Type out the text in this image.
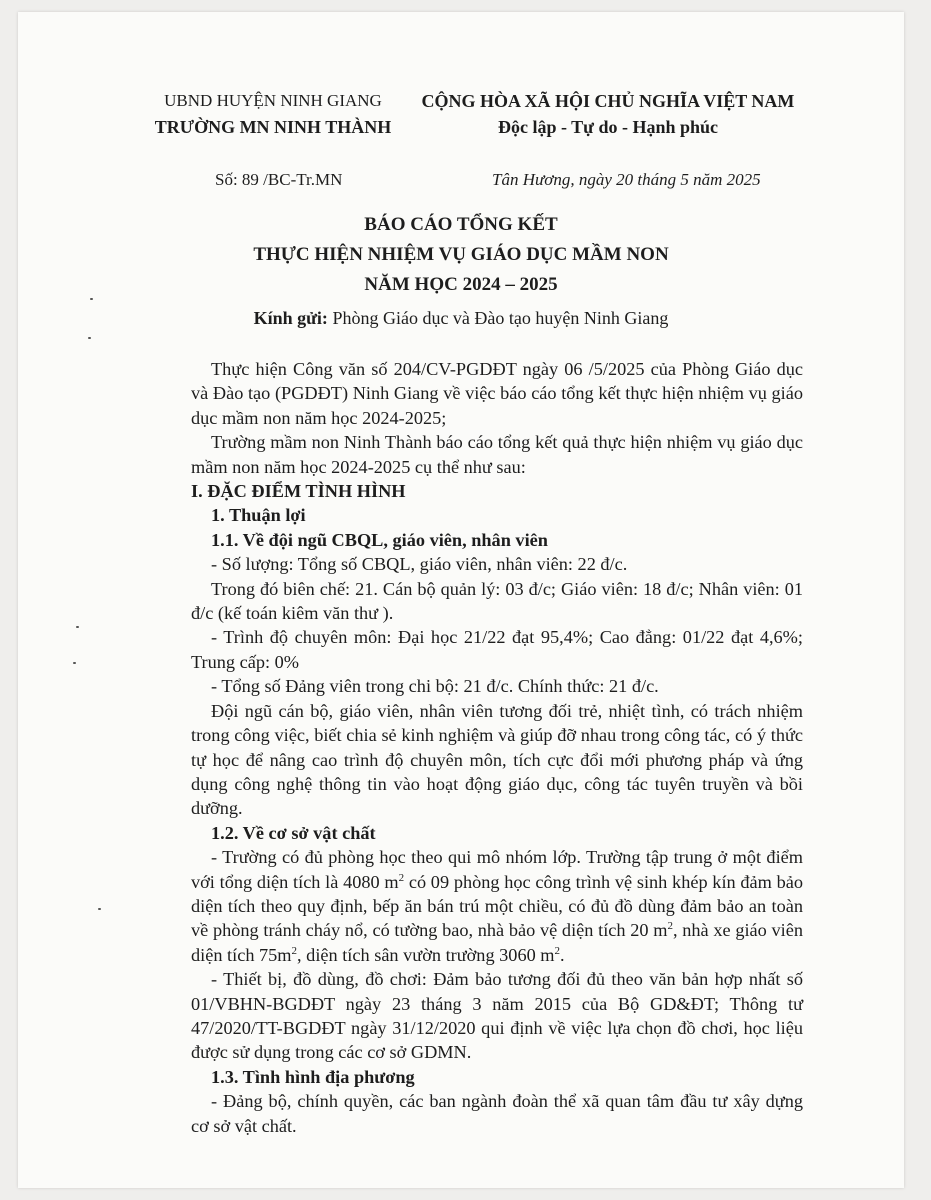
UBND HUYỆN NINH GIANG
TRƯỜNG MN NINH THÀNH
CỘNG HÒA XÃ HỘI CHỦ NGHĨA VIỆT NAM
Độc lập - Tự do - Hạnh phúc
Số: 89 /BC-Tr.MN	Tân Hương, ngày 20 tháng 5 năm 2025
BÁO CÁO TỔNG KẾT
THỰC HIỆN NHIỆM VỤ GIÁO DỤC MẦM NON
NĂM HỌC 2024 – 2025
Kính gửi: Phòng Giáo dục và Đào tạo huyện Ninh Giang

Thực hiện Công văn số 204/CV-PGDĐT ngày 06 /5/2025 của Phòng Giáo dục và Đào tạo (PGDĐT) Ninh Giang về việc báo cáo tổng kết thực hiện nhiệm vụ giáo dục mầm non năm học 2024-2025;

Trường mầm non Ninh Thành báo cáo tổng kết quả thực hiện nhiệm vụ giáo dục mầm non năm học 2024-2025 cụ thể như sau:

I. ĐẶC ĐIỂM TÌNH HÌNH

1. Thuận lợi

1.1. Về đội ngũ CBQL, giáo viên, nhân viên

- Số lượng: Tổng số CBQL, giáo viên, nhân viên: 22 đ/c.

Trong đó biên chế: 21. Cán bộ quản lý: 03 đ/c; Giáo viên: 18 đ/c; Nhân viên: 01 đ/c (kế toán kiêm văn thư ).

- Trình độ chuyên môn: Đại học 21/22 đạt 95,4%; Cao đẳng: 01/22 đạt 4,6%; Trung cấp: 0%

- Tổng số Đảng viên trong chi bộ: 21 đ/c. Chính thức: 21 đ/c.

Đội ngũ cán bộ, giáo viên, nhân viên tương đối trẻ, nhiệt tình, có trách nhiệm trong công việc, biết chia sẻ kinh nghiệm và giúp đỡ nhau trong công tác, có ý thức tự học để nâng cao trình độ chuyên môn, tích cực đổi mới phương pháp và ứng dụng công nghệ thông tin vào hoạt động giáo dục, công tác tuyên truyền và bồi dưỡng.

1.2. Về cơ sở vật chất

- Trường có đủ phòng học theo qui mô nhóm lớp. Trường tập trung ở một điểm với tổng diện tích là 4080 $m^2$ có 09 phòng học công trình vệ sinh khép kín đảm bảo diện tích theo quy định, bếp ăn bán trú một chiều, có đủ đồ dùng đảm bảo an toàn về phòng tránh cháy nổ, có tường bao, nhà bảo vệ diện tích 20 $m^2$, nhà xe giáo viên diện tích $75m^2$, diện tích sân vườn trường 3060 $m^2$.

- Thiết bị, đồ dùng, đồ chơi: Đảm bảo tương đối đủ theo văn bản hợp nhất số 01/VBHN-BGDĐT ngày 23 tháng 3 năm 2015 của Bộ GD&ĐT; Thông tư 47/2020/TT-BGDĐT ngày 31/12/2020 qui định về việc lựa chọn đồ chơi, học liệu được sử dụng trong các cơ sở GDMN.

1.3. Tình hình địa phương

- Đảng bộ, chính quyền, các ban ngành đoàn thể xã quan tâm đầu tư xây dựng cơ sở vật chất.
